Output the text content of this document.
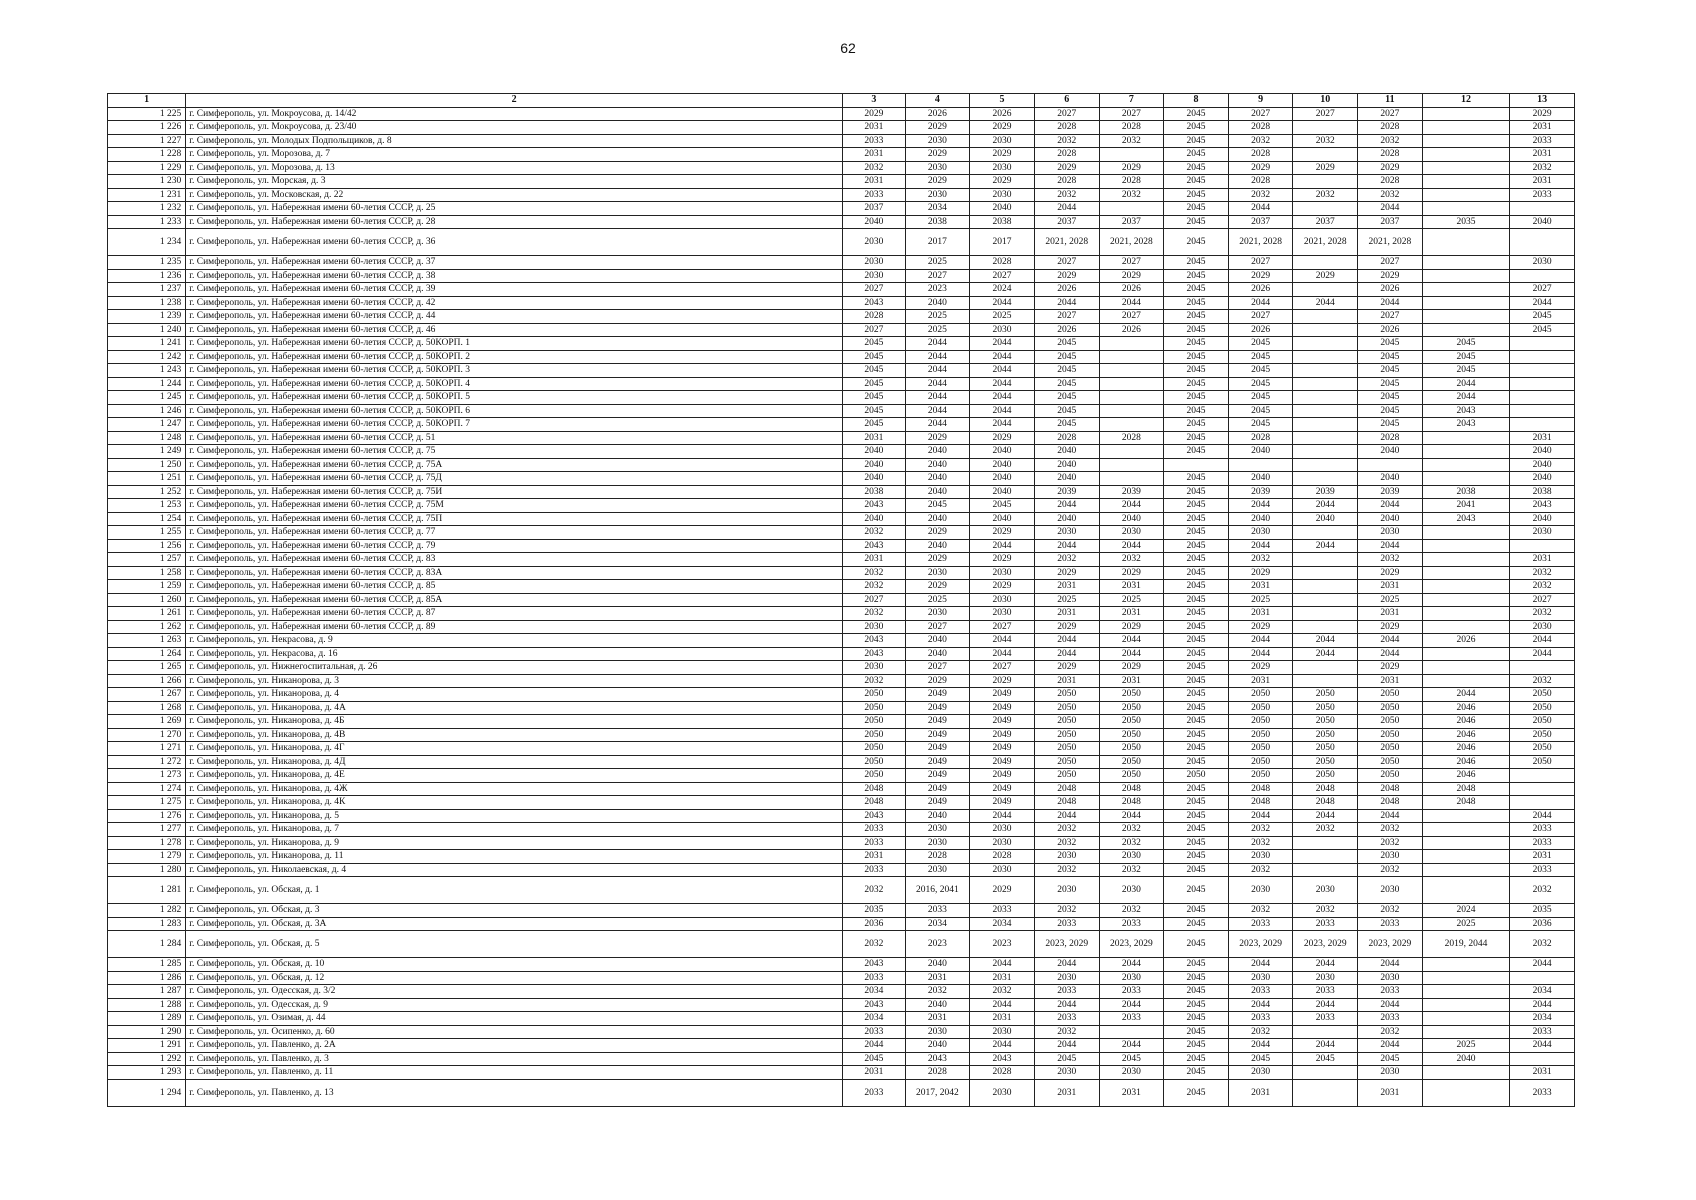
62
1	2	3	4	5	6	7	8	9	10	11	12	13
1 225	г. Симферополь, ул. Мокроусова, д. 14/42	2029	2026	2026	2027	2027	2045	2027	2027	2027		2029
1 226	г. Симферополь, ул. Мокроусова, д. 23/40	2031	2029	2029	2028	2028	2045	2028		2028		2031
1 227	г. Симферополь, ул. Молодых Подпольщиков, д. 8	2033	2030	2030	2032	2032	2045	2032	2032	2032		2033
1 228	г. Симферополь, ул. Морозова, д. 7	2031	2029	2029	2028		2045	2028		2028		2031
1 229	г. Симферополь, ул. Морозова, д. 13	2032	2030	2030	2029	2029	2045	2029	2029	2029		2032
1 230	г. Симферополь, ул. Морская, д. 3	2031	2029	2029	2028	2028	2045	2028		2028		2031
1 231	г. Симферополь, ул. Московская, д. 22	2033	2030	2030	2032	2032	2045	2032	2032	2032		2033
1 232	г. Симферополь, ул. Набережная имени 60-летия СССР, д. 25	2037	2034	2040	2044		2045	2044		2044		
1 233	г. Симферополь, ул. Набережная имени 60-летия СССР, д. 28	2040	2038	2038	2037	2037	2045	2037	2037	2037	2035	2040
1 234	г. Симферополь, ул. Набережная имени 60-летия СССР, д. 36	2030	2017	2017	2021, 2028	2021, 2028	2045	2021, 2028	2021, 2028	2021, 2028		
1 235	г. Симферополь, ул. Набережная имени 60-летия СССР, д. 37	2030	2025	2028	2027	2027	2045	2027		2027		2030
1 236	г. Симферополь, ул. Набережная имени 60-летия СССР, д. 38	2030	2027	2027	2029	2029	2045	2029	2029	2029		
1 237	г. Симферополь, ул. Набережная имени 60-летия СССР, д. 39	2027	2023	2024	2026	2026	2045	2026		2026		2027
1 238	г. Симферополь, ул. Набережная имени 60-летия СССР, д. 42	2043	2040	2044	2044	2044	2045	2044	2044	2044		2044
1 239	г. Симферополь, ул. Набережная имени 60-летия СССР, д. 44	2028	2025	2025	2027	2027	2045	2027		2027		2045
1 240	г. Симферополь, ул. Набережная имени 60-летия СССР, д. 46	2027	2025	2030	2026	2026	2045	2026		2026		2045
1 241	г. Симферополь, ул. Набережная имени 60-летия СССР, д. 50КОРП. 1	2045	2044	2044	2045		2045	2045		2045	2045	
1 242	г. Симферополь, ул. Набережная имени 60-летия СССР, д. 50КОРП. 2	2045	2044	2044	2045		2045	2045		2045	2045	
1 243	г. Симферополь, ул. Набережная имени 60-летия СССР, д. 50КОРП. 3	2045	2044	2044	2045		2045	2045		2045	2045	
1 244	г. Симферополь, ул. Набережная имени 60-летия СССР, д. 50КОРП. 4	2045	2044	2044	2045		2045	2045		2045	2044	
1 245	г. Симферополь, ул. Набережная имени 60-летия СССР, д. 50КОРП. 5	2045	2044	2044	2045		2045	2045		2045	2044	
1 246	г. Симферополь, ул. Набережная имени 60-летия СССР, д. 50КОРП. 6	2045	2044	2044	2045		2045	2045		2045	2043	
1 247	г. Симферополь, ул. Набережная имени 60-летия СССР, д. 50КОРП. 7	2045	2044	2044	2045		2045	2045		2045	2043	
1 248	г. Симферополь, ул. Набережная имени 60-летия СССР, д. 51	2031	2029	2029	2028	2028	2045	2028		2028		2031
1 249	г. Симферополь, ул. Набережная имени 60-летия СССР, д. 75	2040	2040	2040	2040		2045	2040		2040		2040
1 250	г. Симферополь, ул. Набережная имени 60-летия СССР, д. 75А	2040	2040	2040	2040							2040
1 251	г. Симферополь, ул. Набережная имени 60-летия СССР, д. 75Д	2040	2040	2040	2040		2045	2040		2040		2040
1 252	г. Симферополь, ул. Набережная имени 60-летия СССР, д. 75И	2038	2040	2040	2039	2039	2045	2039	2039	2039	2038	2038
1 253	г. Симферополь, ул. Набережная имени 60-летия СССР, д. 75М	2043	2045	2045	2044	2044	2045	2044	2044	2044	2041	2043
1 254	г. Симферополь, ул. Набережная имени 60-летия СССР, д. 75П	2040	2040	2040	2040	2040	2045	2040	2040	2040	2043	2040
1 255	г. Симферополь, ул. Набережная имени 60-летия СССР, д. 77	2032	2029	2029	2030	2030	2045	2030		2030		2030
1 256	г. Симферополь, ул. Набережная имени 60-летия СССР, д. 79	2043	2040	2044	2044	2044	2045	2044	2044	2044		
1 257	г. Симферополь, ул. Набережная имени 60-летия СССР, д. 83	2031	2029	2029	2032	2032	2045	2032		2032		2031
1 258	г. Симферополь, ул. Набережная имени 60-летия СССР, д. 83А	2032	2030	2030	2029	2029	2045	2029		2029		2032
1 259	г. Симферополь, ул. Набережная имени 60-летия СССР, д. 85	2032	2029	2029	2031	2031	2045	2031		2031		2032
1 260	г. Симферополь, ул. Набережная имени 60-летия СССР, д. 85А	2027	2025	2030	2025	2025	2045	2025		2025		2027
1 261	г. Симферополь, ул. Набережная имени 60-летия СССР, д. 87	2032	2030	2030	2031	2031	2045	2031		2031		2032
1 262	г. Симферополь, ул. Набережная имени 60-летия СССР, д. 89	2030	2027	2027	2029	2029	2045	2029		2029		2030
1 263	г. Симферополь, ул. Некрасова, д. 9	2043	2040	2044	2044	2044	2045	2044	2044	2044	2026	2044
1 264	г. Симферополь, ул. Некрасова, д. 16	2043	2040	2044	2044	2044	2045	2044	2044	2044		2044
1 265	г. Симферополь, ул. Нижнегоспитальная, д. 26	2030	2027	2027	2029	2029	2045	2029		2029		
1 266	г. Симферополь, ул. Никанорова, д. 3	2032	2029	2029	2031	2031	2045	2031		2031		2032
1 267	г. Симферополь, ул. Никанорова, д. 4	2050	2049	2049	2050	2050	2045	2050	2050	2050	2044	2050
1 268	г. Симферополь, ул. Никанорова, д. 4А	2050	2049	2049	2050	2050	2045	2050	2050	2050	2046	2050
1 269	г. Симферополь, ул. Никанорова, д. 4Б	2050	2049	2049	2050	2050	2045	2050	2050	2050	2046	2050
1 270	г. Симферополь, ул. Никанорова, д. 4В	2050	2049	2049	2050	2050	2045	2050	2050	2050	2046	2050
1 271	г. Симферополь, ул. Никанорова, д. 4Г	2050	2049	2049	2050	2050	2045	2050	2050	2050	2046	2050
1 272	г. Симферополь, ул. Никанорова, д. 4Д	2050	2049	2049	2050	2050	2045	2050	2050	2050	2046	2050
1 273	г. Симферополь, ул. Никанорова, д. 4Е	2050	2049	2049	2050	2050	2050	2050	2050	2050	2046	
1 274	г. Симферополь, ул. Никанорова, д. 4Ж	2048	2049	2049	2048	2048	2045	2048	2048	2048	2048	
1 275	г. Симферополь, ул. Никанорова, д. 4К	2048	2049	2049	2048	2048	2045	2048	2048	2048	2048	
1 276	г. Симферополь, ул. Никанорова, д. 5	2043	2040	2044	2044	2044	2045	2044	2044	2044		2044
1 277	г. Симферополь, ул. Никанорова, д. 7	2033	2030	2030	2032	2032	2045	2032	2032	2032		2033
1 278	г. Симферополь, ул. Никанорова, д. 9	2033	2030	2030	2032	2032	2045	2032		2032		2033
1 279	г. Симферополь, ул. Никанорова, д. 11	2031	2028	2028	2030	2030	2045	2030		2030		2031
1 280	г. Симферополь, ул. Николаевская, д. 4	2033	2030	2030	2032	2032	2045	2032		2032		2033
1 281	г. Симферополь, ул. Обская, д. 1	2032	2016, 2041	2029	2030	2030	2045	2030	2030	2030		2032
1 282	г. Симферополь, ул. Обская, д. 3	2035	2033	2033	2032	2032	2045	2032	2032	2032	2024	2035
1 283	г. Симферополь, ул. Обская, д. 3А	2036	2034	2034	2033	2033	2045	2033	2033	2033	2025	2036
1 284	г. Симферополь, ул. Обская, д. 5	2032	2023	2023	2023, 2029	2023, 2029	2045	2023, 2029	2023, 2029	2023, 2029	2019, 2044	2032
1 285	г. Симферополь, ул. Обская, д. 10	2043	2040	2044	2044	2044	2045	2044	2044	2044		2044
1 286	г. Симферополь, ул. Обская, д. 12	2033	2031	2031	2030	2030	2045	2030	2030	2030		
1 287	г. Симферополь, ул. Одесская, д. 3/2	2034	2032	2032	2033	2033	2045	2033	2033	2033		2034
1 288	г. Симферополь, ул. Одесская, д. 9	2043	2040	2044	2044	2044	2045	2044	2044	2044		2044
1 289	г. Симферополь, ул. Озимая, д. 44	2034	2031	2031	2033	2033	2045	2033	2033	2033		2034
1 290	г. Симферополь, ул. Осипенко, д. 60	2033	2030	2030	2032		2045	2032		2032		2033
1 291	г. Симферополь, ул. Павленко, д. 2А	2044	2040	2044	2044	2044	2045	2044	2044	2044	2025	2044
1 292	г. Симферополь, ул. Павленко, д. 3	2045	2043	2043	2045	2045	2045	2045	2045	2045	2040	
1 293	г. Симферополь, ул. Павленко, д. 11	2031	2028	2028	2030	2030	2045	2030		2030		2031
1 294	г. Симферополь, ул. Павленко, д. 13	2033	2017, 2042	2030	2031	2031	2045	2031		2031		2033
